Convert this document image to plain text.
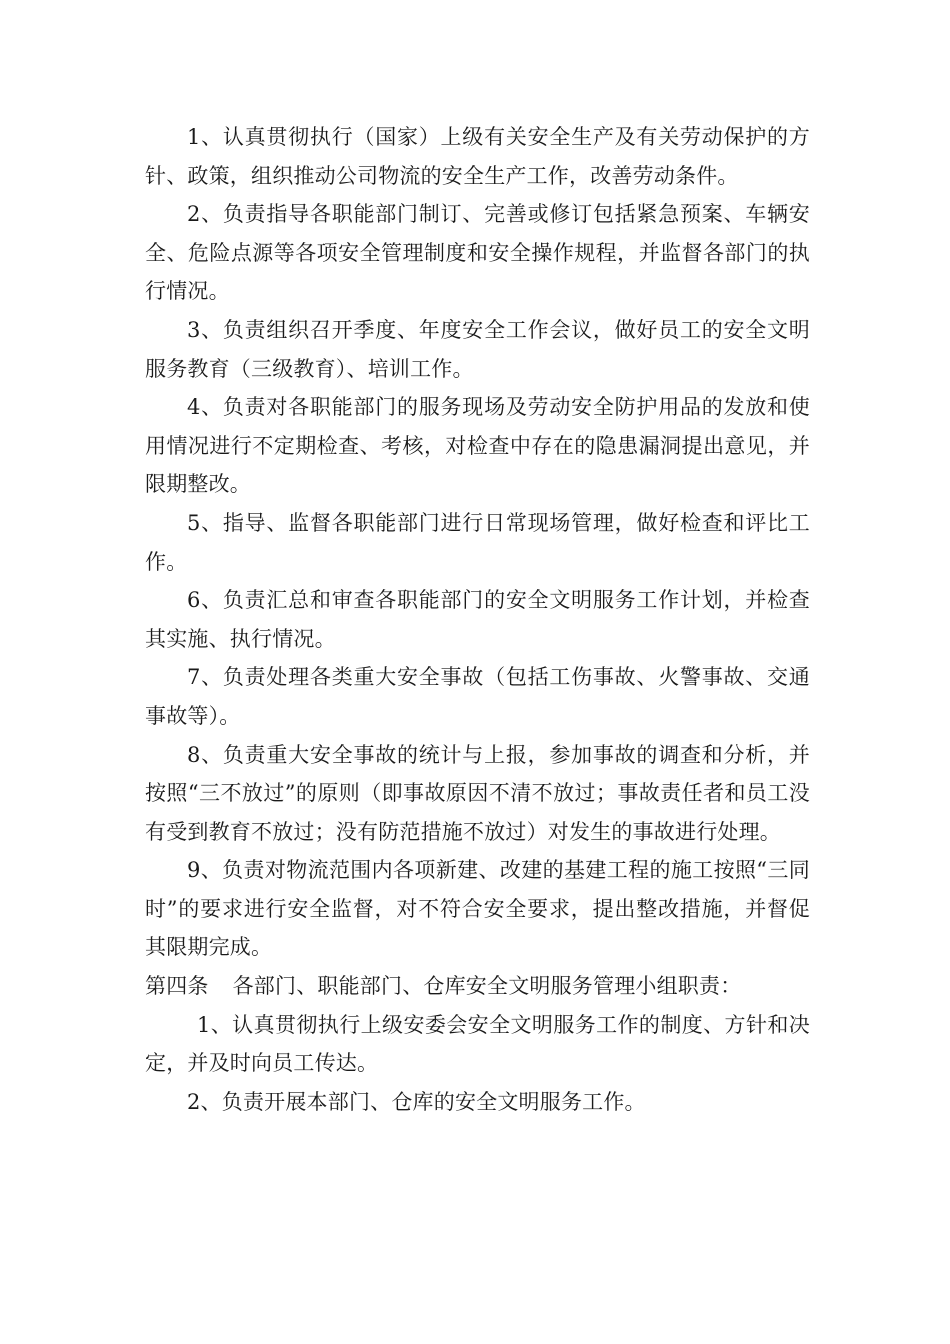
1、认真贯彻执行（国家）上级有关安全生产及有关劳动保护的方针、政策，组织推动公司物流的安全生产工作，改善劳动条件。

2、负责指导各职能部门制订、完善或修订包括紧急预案、车辆安全、危险点源等各项安全管理制度和安全操作规程，并监督各部门的执行情况。

3、负责组织召开季度、年度安全工作会议，做好员工的安全文明服务教育（三级教育）、培训工作。

4、负责对各职能部门的服务现场及劳动安全防护用品的发放和使用情况进行不定期检查、考核，对检查中存在的隐患漏洞提出意见，并限期整改。

5、指导、监督各职能部门进行日常现场管理，做好检查和评比工作。

6、负责汇总和审查各职能部门的安全文明服务工作计划，并检查其实施、执行情况。

7、负责处理各类重大安全事故（包括工伤事故、火警事故、交通事故等）。

8、负责重大安全事故的统计与上报，参加事故的调查和分析，并按照“三不放过”的原则（即事故原因不清不放过；事故责任者和员工没有受到教育不放过；没有防范措施不放过）对发生的事故进行处理。

9、负责对物流范围内各项新建、改建的基建工程的施工按照“三同时”的要求进行安全监督，对不符合安全要求，提出整改措施，并督促其限期完成。

第四条 各部门、职能部门、仓库安全文明服务管理小组职责：

1、认真贯彻执行上级安委会安全文明服务工作的制度、方针和决定，并及时向员工传达。

2、负责开展本部门、仓库的安全文明服务工作。
